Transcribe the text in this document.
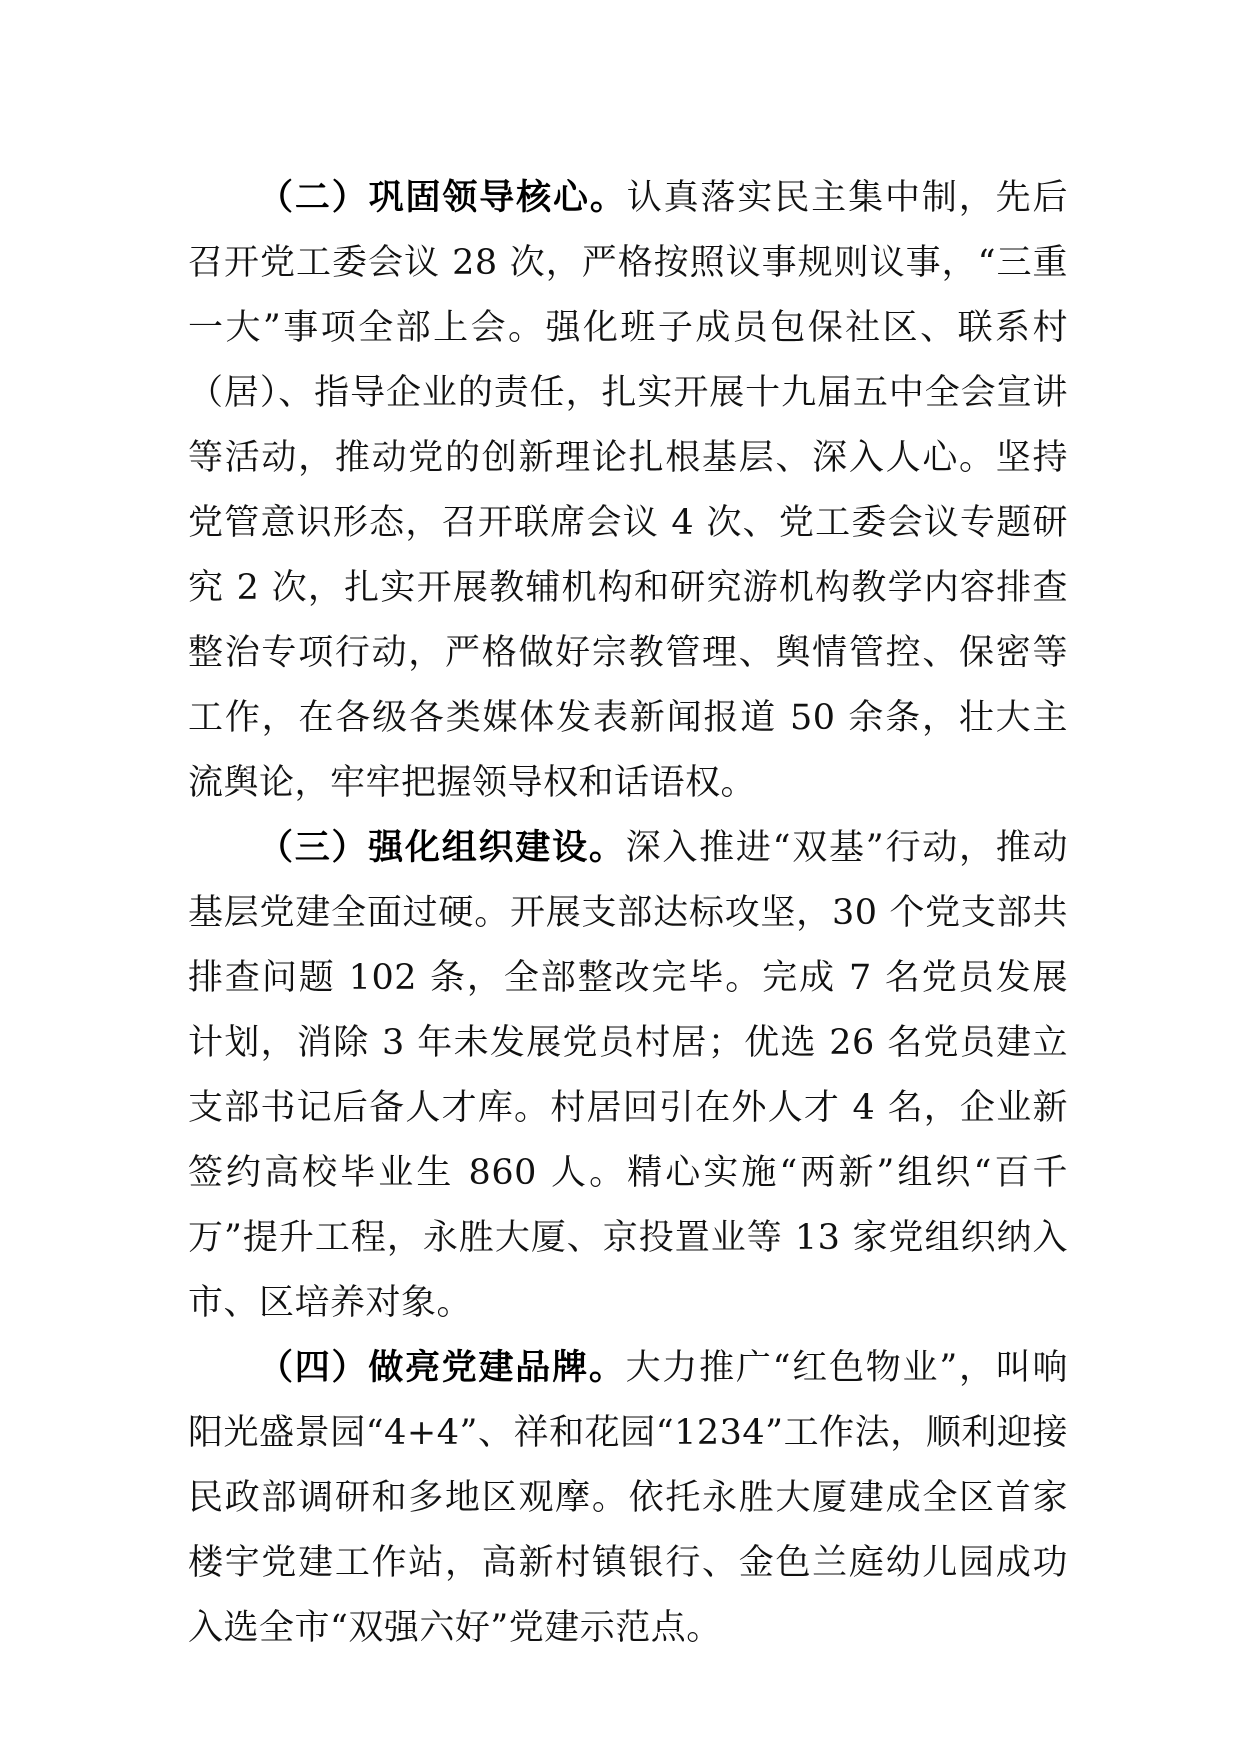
（二）巩固领导核心。认真落实民主集中制，先后召开党工委会议 28 次，严格按照议事规则议事，“三重一大”事项全部上会。强化班子成员包保社区、联系村（居）、指导企业的责任，扎实开展十九届五中全会宣讲等活动，推动党的创新理论扎根基层、深入人心。坚持党管意识形态，召开联席会议 4 次、党工委会议专题研究 2 次，扎实开展教辅机构和研究游机构教学内容排查整治专项行动，严格做好宗教管理、舆情管控、保密等工作，在各级各类媒体发表新闻报道 50 余条，壮大主流舆论，牢牢把握领导权和话语权。

（三）强化组织建设。深入推进“双基”行动，推动基层党建全面过硬。开展支部达标攻坚，30 个党支部共排查问题 102 条，全部整改完毕。完成 7 名党员发展计划，消除 3 年未发展党员村居；优选 26 名党员建立支部书记后备人才库。村居回引在外人才 4 名，企业新签约高校毕业生 860 人。精心实施“两新”组织“百千万”提升工程，永胜大厦、京投置业等 13 家党组织纳入市、区培养对象。

（四）做亮党建品牌。大力推广“红色物业”，叫响阳光盛景园“4+4”、祥和花园“1234”工作法，顺利迎接民政部调研和多地区观摩。依托永胜大厦建成全区首家楼宇党建工作站，高新村镇银行、金色兰庭幼儿园成功入选全市“双强六好”党建示范点。
